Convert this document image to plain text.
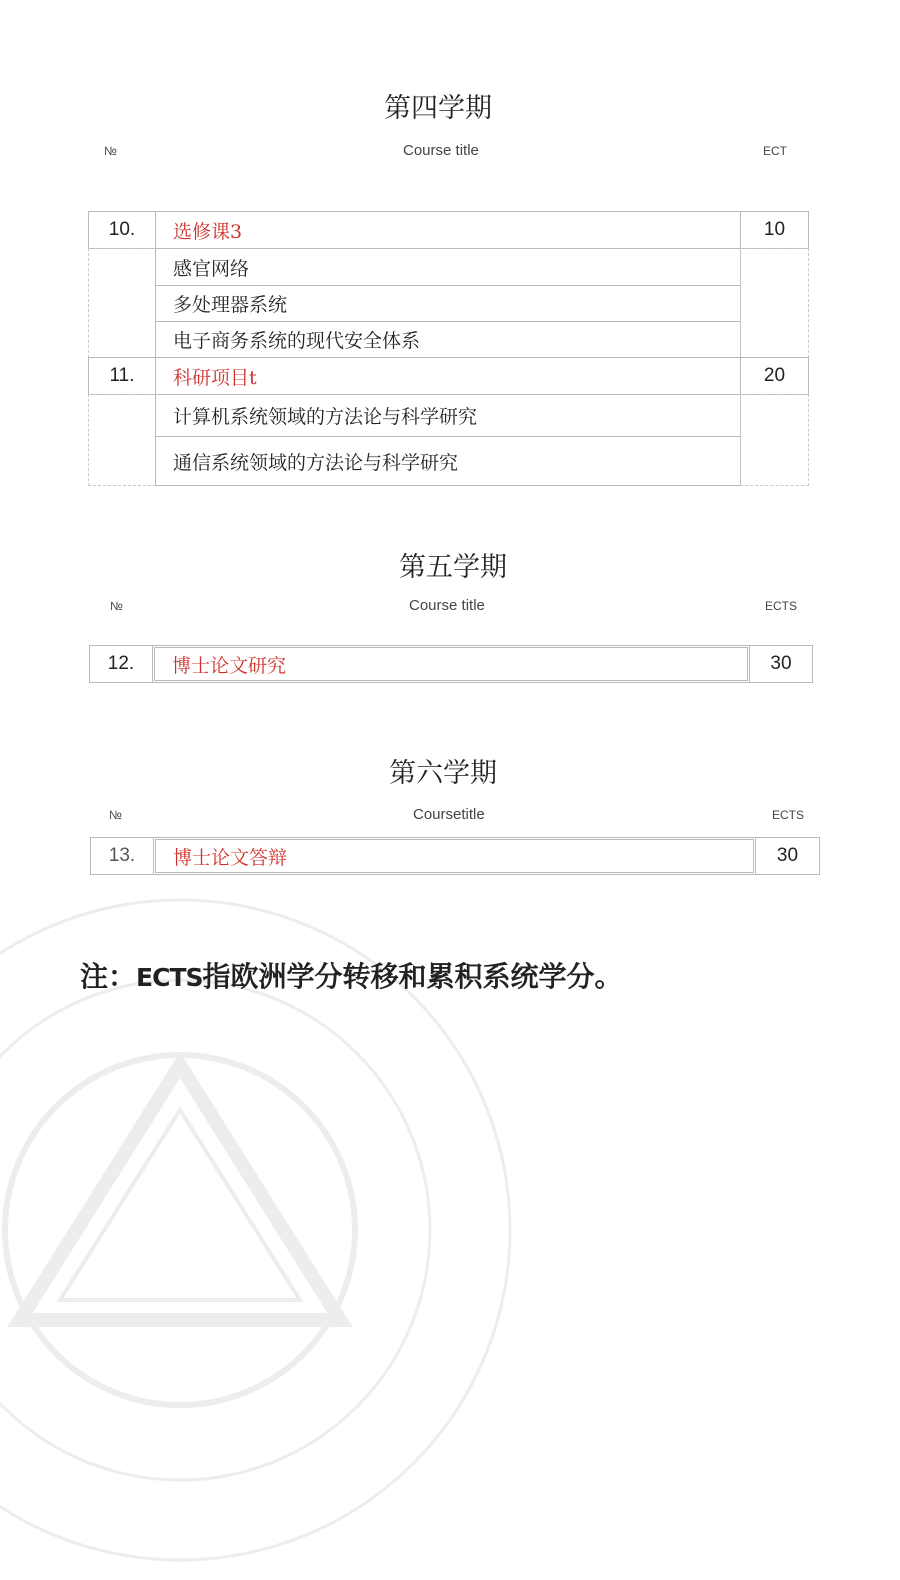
第四学期
№	Course title	ECT
10.	选修课3	10
感官网络
多处理器系统
电子商务系统的现代安全体系
11.	科研项目t	20
计算机系统领域的方法论与科学研究
通信系统领域的方法论与科学研究
第五学期
№	Course title	ECTS
12.	博士论文研究	30
第六学期
№	Coursetitle	ECTS
13.	博士论文答辩	30

注：ECTS指欧洲学分转移和累积系统学分。
